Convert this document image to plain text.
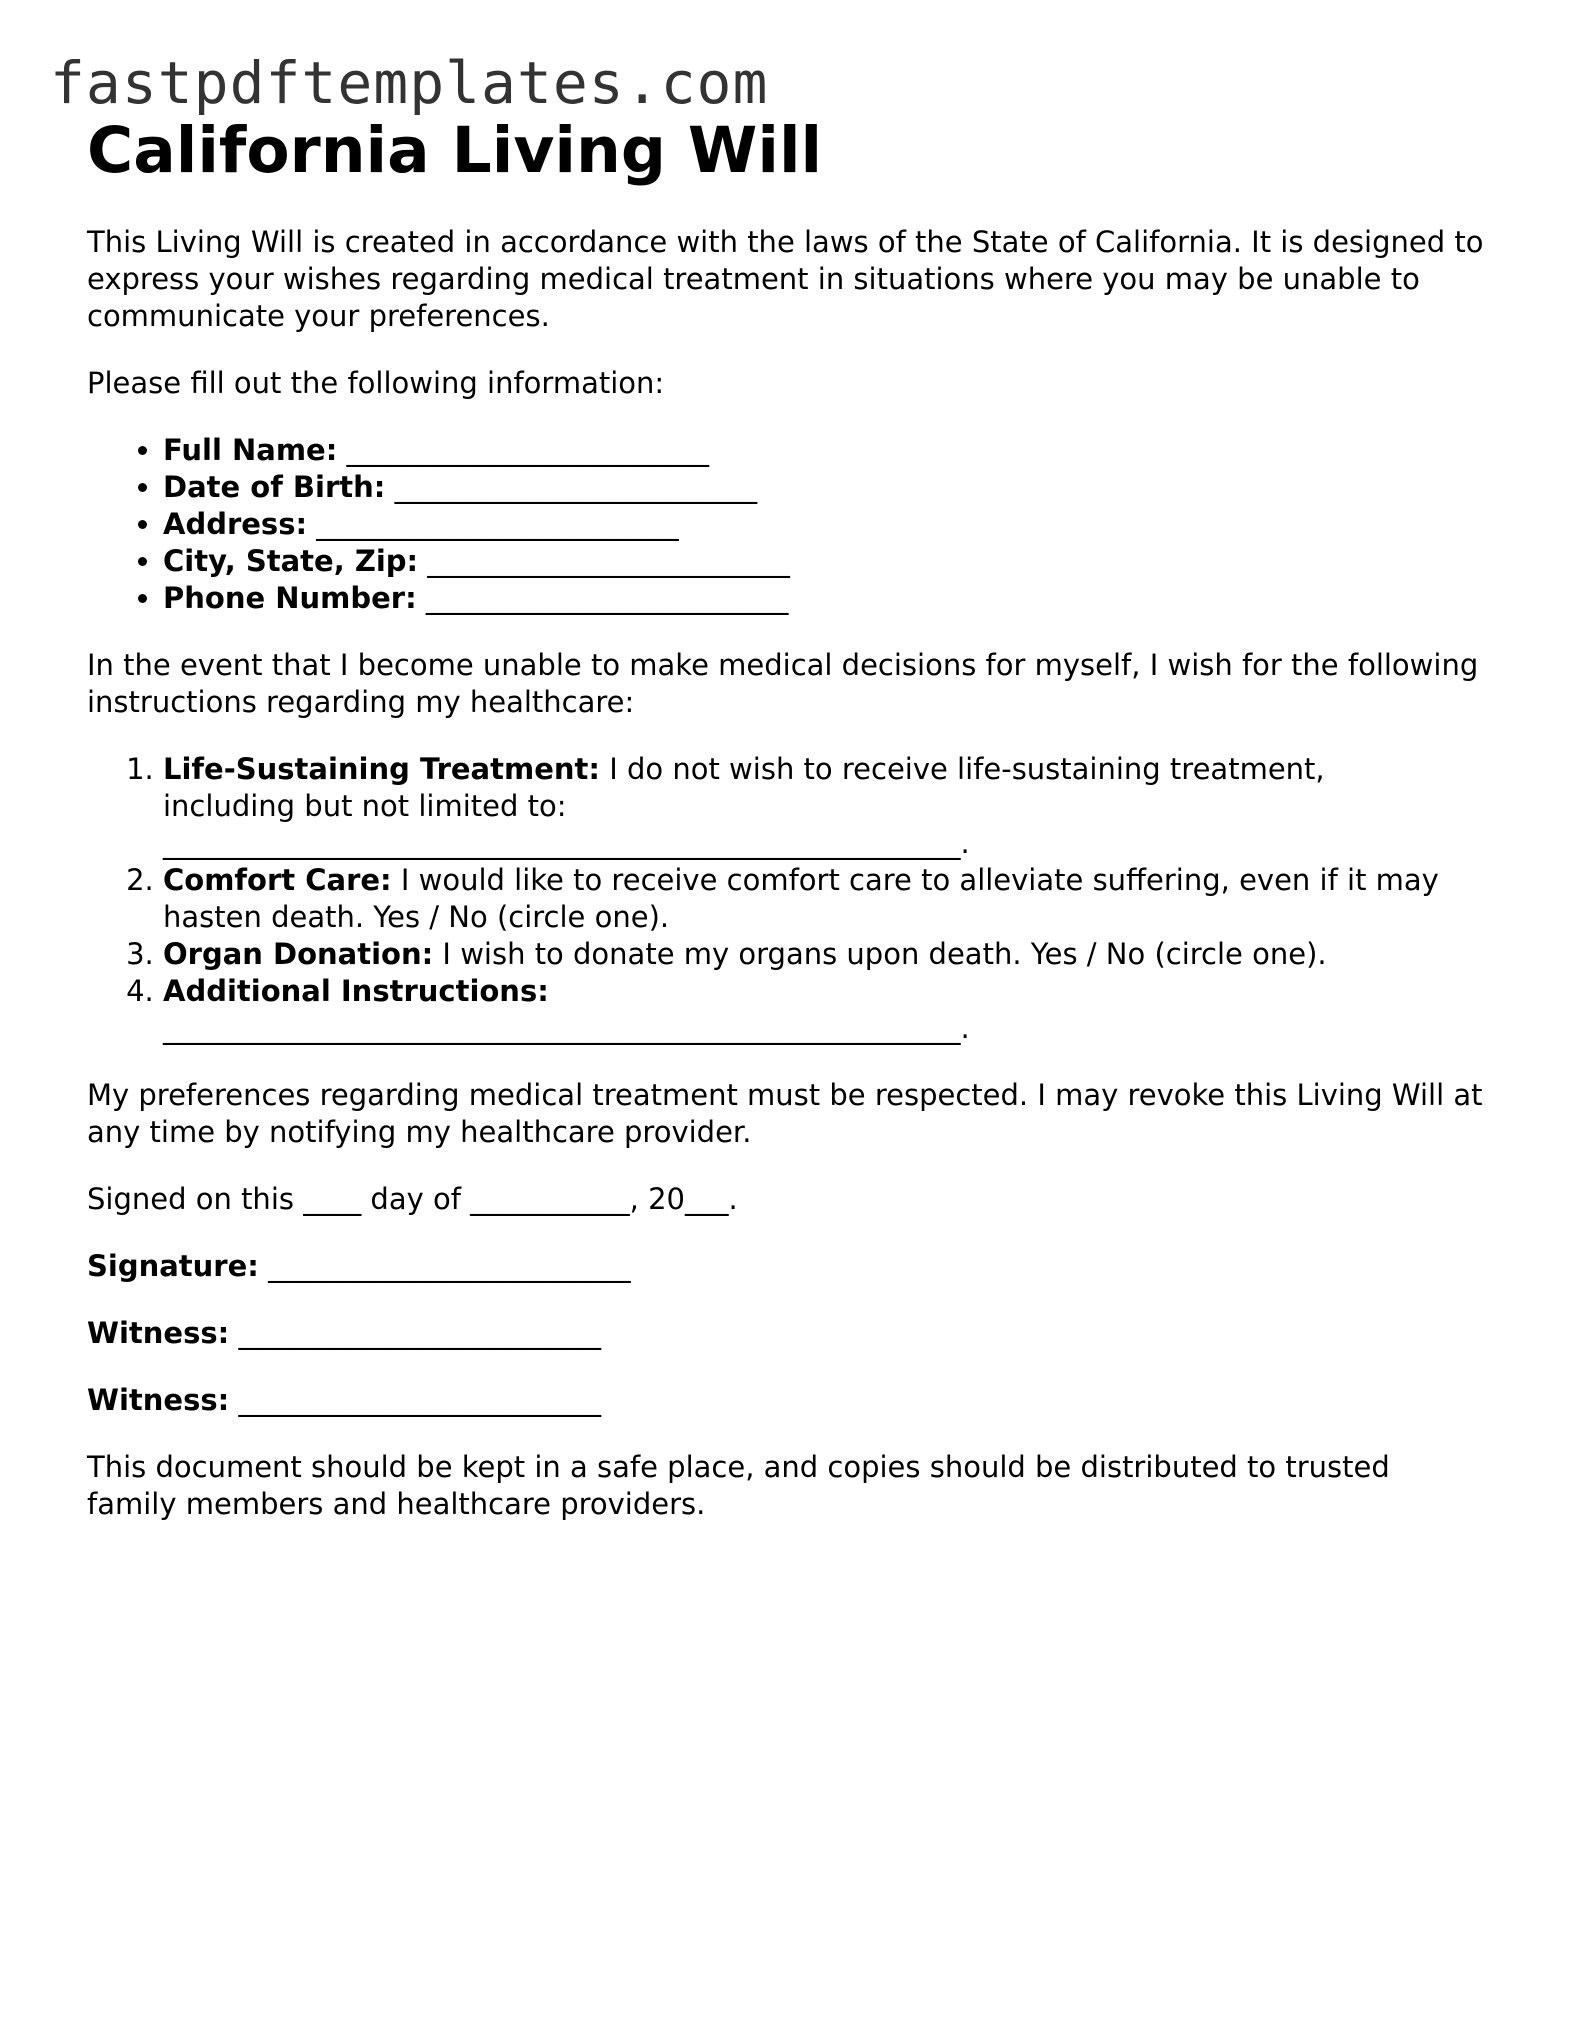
fastpdftemplates.com
California Living Will

This Living Will is created in accordance with the laws of the State of California. It is designed to express your wishes regarding medical treatment in situations where you may be unable to communicate your preferences.

Please fill out the following information:

• Full Name: _________________________
• Date of Birth: _________________________
• Address: _________________________
• City, State, Zip: _________________________
• Phone Number: _________________________

In the event that I become unable to make medical decisions for myself, I wish for the following instructions regarding my healthcare:

1. Life-Sustaining Treatment: I do not wish to receive life-sustaining treatment, including but not limited to:
_______________________________________________________.
2. Comfort Care: I would like to receive comfort care to alleviate suffering, even if it may hasten death. Yes / No (circle one).
3. Organ Donation: I wish to donate my organs upon death. Yes / No (circle one).
4. Additional Instructions:
_______________________________________________________.

My preferences regarding medical treatment must be respected. I may revoke this Living Will at any time by notifying my healthcare provider.

Signed on this ____ day of ___________, 20___.

Signature: _________________________

Witness: _________________________

Witness: _________________________

This document should be kept in a safe place, and copies should be distributed to trusted family members and healthcare providers.
